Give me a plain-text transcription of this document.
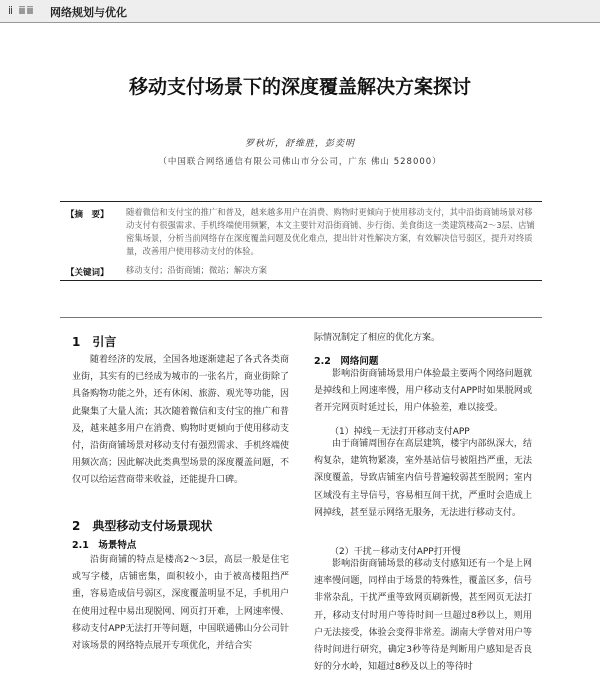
ⅱ ⅲⅲ 网络规划与优化
移动支付场景下的深度覆盖解决方案探讨
罗秋圻，舒维胜，彭奕明
（中国联合网络通信有限公司佛山市分公司，广东 佛山 528000）
【摘　要】 随着微信和支付宝的推广和普及，越来越多用户在消费、购物时更倾向于使用移动支付，其中沿街商铺场景对移动支付有很强需求、手机终端使用频繁，本文主要针对沿街商铺、步行街、美食街这一类建筑楼高2～3层、店铺密集场景，分析当前网络存在深度覆盖问题及优化难点，提出针对性解决方案，有效解决信号弱区，提升对终质量，改善用户使用移动支付的体验。
【关键词】 移动支付；沿街商铺；微站；解决方案
1　引言

随着经济的发展，全国各地逐渐建起了各式各类商业街，其实有的已经成为城市的一张名片，商业街除了具备购物功能之外，还有休闲、旅游、观光等功能，因此聚集了大量人流；其次随着微信和支付宝的推广和普及，越来越多用户在消费、购物时更倾向于使用移动支付，沿街商铺场景对移动支付有强烈需求、手机终端使用频次高；因此解决此类典型场景的深度覆盖问题，不仅可以给运营商带来收益，还能提升口碑。

2　典型移动支付场景现状
2.1　场景特点

沿街商铺的特点是楼高2～3层，高层一般是住宅或写字楼，店铺密集，面积较小，由于被高楼阻挡严重，容易造成信号弱区，深度覆盖明显不足，手机用户在使用过程中易出现脱网、网页打开难，上网速率慢、移动支付APP无法打开等问题，中国联通佛山分公司针对该场景的网络特点展开专项优化，并结合实

际情况制定了相应的优化方案。

2.2　网络问题

影响沿街商铺场景用户体验最主要两个网络问题就是掉线和上网速率慢，用户移动支付APP时如果脱网或者开完网页时延过长，用户体验差，难以接受。

（1）掉线－无法打开移动支付APP

由于商铺周围存在高层建筑，楼宇内部纵深大，结构复杂，建筑物紧凑，室外基站信号被阻挡严重，无法深度覆盖，导致店铺室内信号普遍较弱甚至脱网；室内区域没有主导信号，容易相互间干扰，严重时会造成上网掉线，甚至显示网络无服务，无法进行移动支付。

（2）干扰－移动支付APP打开慢

影响沿街商铺场景的移动支付感知还有一个是上网速率慢问题，同样由于场景的特殊性，覆盖区多，信号非常杂乱，干扰严重等致网页刷新慢，甚至网页无法打开，移动支付时用户等待时间一旦超过8秒以上，则用户无法接受，体验会变得非常差。湖南大学曾对用户等待时间进行研究，确定3秒等待是判断用户感知是否良好的分水岭，知超过8秒及以上的等待时
